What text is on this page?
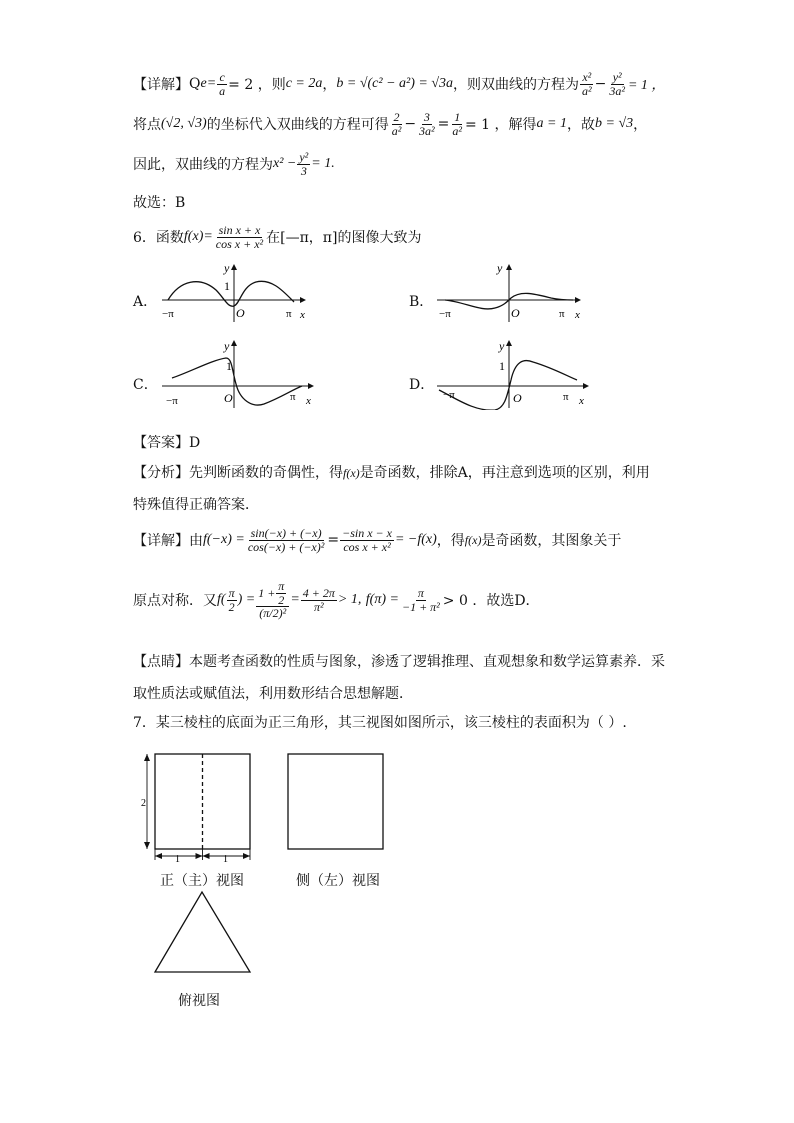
【详解】 Q $e = \frac{c}{a} = 2$ ，则 c = 2a ， b = √(c² − a²) = √3a ，则双曲线的方程为 $\frac{\text{x²}}{\text{a²}} - \frac{\text{y²}}{\text{3a²}} = 1$ ，
将点 (√2, √3) 的坐标代入双曲线的方程可得 $\frac{2}{\text{a²}} - \frac{3}{\text{3a²}} = \frac{1}{\text{a²}} = 1$ ，解得 a = 1 ，故 b = √3 ，
因此，双曲线的方程为 $x^2 - \frac{\text{y²}}{3} = 1$.
故选：B
6．函数 $f(x)= \frac{\text{sin x + x}}{\text{cos x + x²}}$ 在[—π，π]的图像大致为
A．
y
1
O
−π	π x
B．
y
O
−π	π x
C．
y
1
O
−π	π x
D．
y
1
O
−π	π x
【答案】D
【分析】先判断函数的奇偶性，得f(x)是奇函数，排除A，再注意到选项的区别，利用
特殊值得正确答案．
【详解】 由 $f(-x) = \frac{\sin(-x) + (-x)}{\text{cos(−x) + (−x)²}} = \frac{\text{−sin x − x}}{\text{cos x + x²}} = -f(x)$ ，得 f(x) 是奇函数，其图象关于
原点对称．又 $f( \frac{\pi}{2}$ ) = $\frac{1 + \frac{\pi}{2}}{\text{(π/2)²}} = \frac{4 + 2\pi}{\text{π²}} > 1$,
$f(\pi) = \frac{\pi}{\text{−1 + π²}} > 0$ ．故选D．
【点睛】本题考查函数的性质与图象，渗透了逻辑推理、直观想象和数学运算素养．采
取性质法或赋值法，利用数形结合思想解题．
7．某三棱柱的底面为正三角形，其三视图如图所示，该三棱柱的表面积为（ ）.
2
1	1
正（主）视图	侧（左）视图
俯视图
